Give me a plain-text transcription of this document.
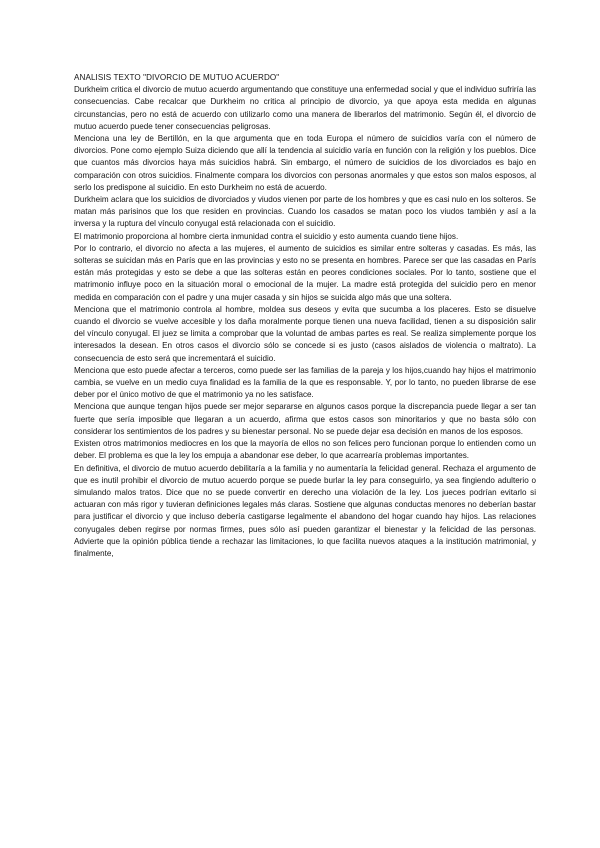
ANALISIS TEXTO "DIVORCIO DE MUTUO ACUERDO"

Durkheim critica el divorcio de mutuo acuerdo argumentando que constituye una enfermedad social y que el individuo sufriría las consecuencias. Cabe recalcar que Durkheim no critica al principio de divorcio, ya que apoya esta medida en algunas circunstancias, pero no está de acuerdo con utilizarlo como una manera de liberarlos del matrimonio. Según él, el divorcio de mutuo acuerdo puede tener consecuencias peligrosas.

Menciona una ley de Bertillón, en la que argumenta que en toda Europa el número de suicidios varía con el número de divorcios. Pone como ejemplo Suiza diciendo que allí la tendencia al suicidio varía en función con la religión y los pueblos. Dice que cuantos más divorcios haya más suicidios habrá. Sin embargo, el número de suicidios de los divorciados es bajo en comparación con otros suicidios. Finalmente compara los divorcios con personas anormales y que estos son malos esposos, al serlo los predispone al suicidio. En esto Durkheim no está de acuerdo.

Durkheim aclara que los suicidios de divorciados y viudos vienen por parte de los hombres y que es casi nulo en los solteros. Se matan más parisinos que los que residen en provincias. Cuando los casados se matan poco los viudos también y así a la inversa y la ruptura del vínculo conyugal está relacionada con el suicidio.

El matrimonio proporciona al hombre cierta inmunidad contra el suicidio y esto aumenta cuando tiene hijos.

Por lo contrario, el divorcio no afecta a las mujeres, el aumento de suicidios es similar entre solteras y casadas. Es más, las solteras se suicidan más en París que en las provincias y esto no se presenta en hombres. Parece ser que las casadas en París están más protegidas y esto se debe a que las solteras están en peores condiciones sociales. Por lo tanto, sostiene que el matrimonio influye poco en la situación moral o emocional de la mujer. La madre está protegida del suicidio pero en menor medida en comparación con el padre y una mujer casada y sin hijos se suicida algo más que una soltera.

Menciona que el matrimonio controla al hombre, moldea sus deseos y evita que sucumba a los placeres. Esto se disuelve cuando el divorcio se vuelve accesible y los daña moralmente porque tienen una nueva facilidad, tienen a su disposición salir del vínculo conyugal. El juez se limita a comprobar que la voluntad de ambas partes es real. Se realiza simplemente porque los interesados la desean. En otros casos el divorcio sólo se concede si es justo (casos aislados de violencia o maltrato). La consecuencia de esto será que incrementará el suicidio.

Menciona que esto puede afectar a terceros, como puede ser las familias de la pareja y los hijos,cuando hay hijos el matrimonio cambia, se vuelve en un medio cuya finalidad es la familia de la que es responsable. Y, por lo tanto, no pueden librarse de ese deber por el único motivo de que el matrimonio ya no les satisface.

Menciona que aunque tengan hijos puede ser mejor separarse en algunos casos porque la discrepancia puede llegar a ser tan fuerte que sería imposible que llegaran a un acuerdo, afirma que estos casos son minoritarios y que no basta sólo con considerar los sentimientos de los padres y su bienestar personal. No se puede dejar esa decisión en manos de los esposos.

Existen otros matrimonios mediocres en los que la mayoría de ellos no son felices pero funcionan porque lo entienden como un deber. El problema es que la ley los empuja a abandonar ese deber, lo que acarrearía problemas importantes.

En definitiva, el divorcio de mutuo acuerdo debilitaría a la familia y no aumentaría la felicidad general. Rechaza el argumento de que es inutil prohibir el divorcio de mutuo acuerdo porque se puede burlar la ley para conseguirlo, ya sea fingiendo adulterio o simulando malos tratos. Dice que no se puede convertir en derecho una violación de la ley. Los jueces podrían evitarlo si actuaran con más rigor y tuvieran definiciones legales más claras. Sostiene que algunas conductas menores no deberían bastar para justificar el divorcio y que incluso debería castigarse legalmente el abandono del hogar cuando hay hijos. Las relaciones conyugales deben regirse por normas firmes, pues sólo así pueden garantizar el bienestar y la felicidad de las personas. Advierte que la opinión pública tiende a rechazar las limitaciones, lo que facilita nuevos ataques a la institución matrimonial, y finalmente,
